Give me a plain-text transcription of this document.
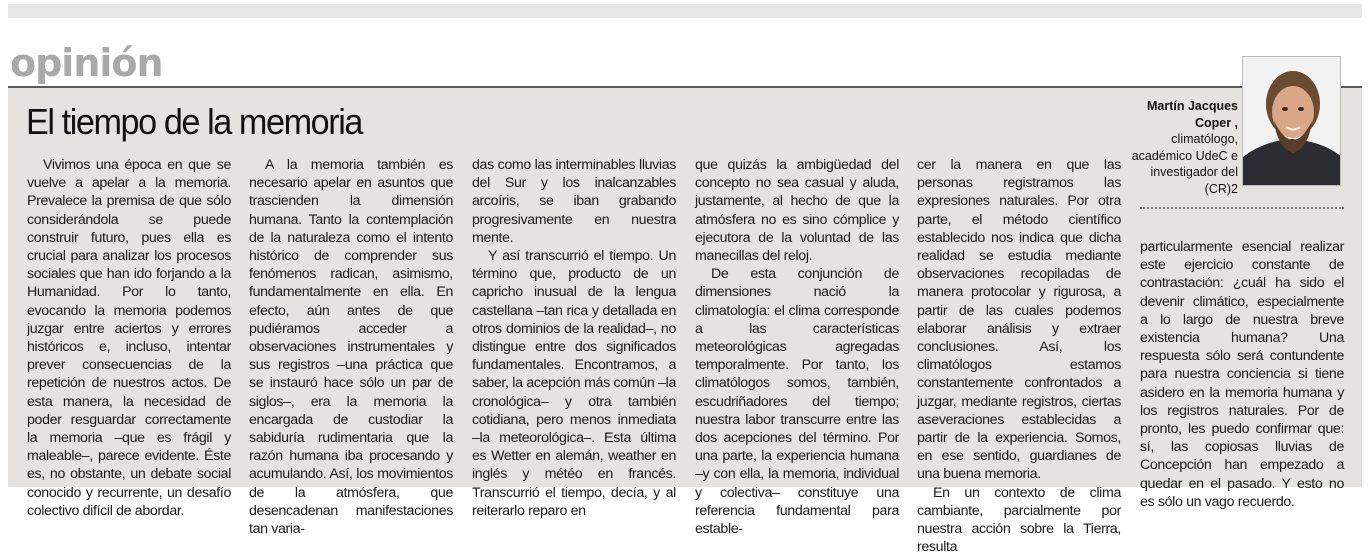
opinión
El tiempo de la memoria	Martín Jacques
Coper ,
climatólogo,
académico UdeC e
investigador del
(CR)2

Vivimos una época en que se vuelve a apelar a la memoria. Prevalece la premisa de que sólo considerándola se puede construir futuro, pues ella es crucial para analizar los procesos sociales que han ido forjando a la Humanidad. Por lo tanto, evocando la memoria podemos juzgar entre aciertos y errores históricos e, incluso, intentar prever consecuencias de la repetición de nuestros actos. De esta manera, la necesidad de poder resguardar correctamente la memoria –que es frágil y maleable–, parece evidente. Éste es, no obstante, un debate social conocido y recurrente, un desafío colectivo difícil de abordar.

A la memoria también es necesario apelar en asuntos que trascienden la dimensión humana. Tanto la contemplación de la naturaleza como el intento histórico de comprender sus fenómenos radican, asimismo, fundamentalmente en ella. En efecto, aún antes de que pudiéramos acceder a observaciones instrumentales y sus registros –una práctica que se instauró hace sólo un par de siglos–, era la memoria la encargada de custodiar la sabiduría rudimentaria que la razón humana iba procesando y acumulando. Así, los movimientos de la atmósfera, que desencadenan manifestaciones tan varia-

das como las interminables lluvias del Sur y los inalcanzables arcoíris, se iban grabando progresivamente en nuestra mente.

Y así transcurrió el tiempo. Un término que, producto de un capricho inusual de la lengua castellana –tan rica y detallada en otros dominios de la realidad–, no distingue entre dos significados fundamentales. Encontramos, a saber, la acepción más común –la cronológica– y otra también cotidiana, pero menos inmediata –la meteorológica–. Esta última es Wetter en alemán, weather en inglés y météo en francés. Transcurrió el tiempo, decía, y al reiterarlo reparo en

que quizás la ambigüedad del concepto no sea casual y aluda, justamente, al hecho de que la atmósfera no es sino cómplice y ejecutora de la voluntad de las manecillas del reloj.

De esta conjunción de dimensiones nació la climatología: el clima corresponde a las características meteorológicas agregadas temporalmente. Por tanto, los climatólogos somos, también, escudriñadores del tiempo; nuestra labor transcurre entre las dos acepciones del término. Por una parte, la experiencia humana –y con ella, la memoria, individual y colectiva– constituye una referencia fundamental para estable-

cer la manera en que las personas registramos las expresiones naturales. Por otra parte, el método científico establecido nos indica que dicha realidad se estudia mediante observaciones recopiladas de manera protocolar y rigurosa, a partir de las cuales podemos elaborar análisis y extraer conclusiones. Así, los climatólogos estamos constantemente confrontados a juzgar, mediante registros, ciertas aseveraciones establecidas a partir de la experiencia. Somos, en ese sentido, guardianes de una buena memoria.

En un contexto de clima cambiante, parcialmente por nuestra acción sobre la Tierra, resulta

particularmente esencial realizar este ejercicio constante de contrastación: ¿cuál ha sido el devenir climático, especialmente a lo largo de nuestra breve existencia humana? Una respuesta sólo será contundente para nuestra conciencia si tiene asidero en la memoria humana y los registros naturales. Por de pronto, les puedo confirmar que: sí, las copiosas lluvias de Concepción han empezado a quedar en el pasado. Y esto no es sólo un vago recuerdo.
